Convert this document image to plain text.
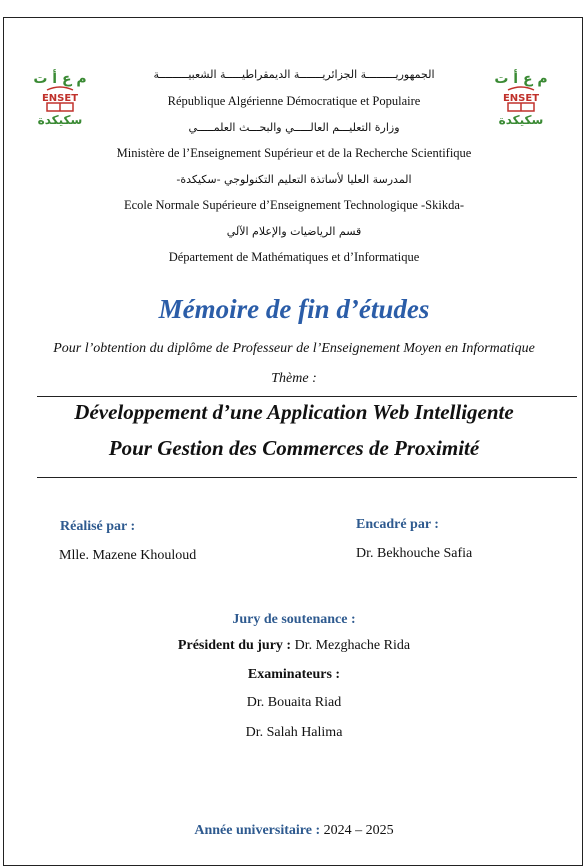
م ع أ ت
ENSET
سكيكدة
م ع أ ت
ENSET
سكيكدة
الجمهوريـــــــــة الجزائريـــــــة الديمقراطيـــــة الشعبيـــــــــة
République Algérienne Démocratique et Populaire
وزارة التعليـــم العالـــــي والبحـــث العلمـــــي
Ministère de l’Enseignement Supérieur et de la Recherche Scientifique
المدرسة العليا لأساتذة التعليم التكنولوجي -سكيكدة-
Ecole Normale Supérieure d’Enseignement Technologique -Skikda-
قسم الرياضيات والإعلام الآلي
Département de Mathématiques et d’Informatique
Mémoire de fin d’études
Pour l’obtention du diplôme de Professeur de l’Enseignement Moyen en Informatique
Thème :
Développement d’une Application Web Intelligente
Pour Gestion des Commerces de Proximité
Réalisé par :
Mlle. Mazene Khouloud
Encadré par :
Dr. Bekhouche Safia
Jury de soutenance :
Président du jury : Dr. Mezghache Rida
Examinateurs :
Dr. Bouaita Riad
Dr. Salah Halima
Année universitaire : 2024 – 2025
